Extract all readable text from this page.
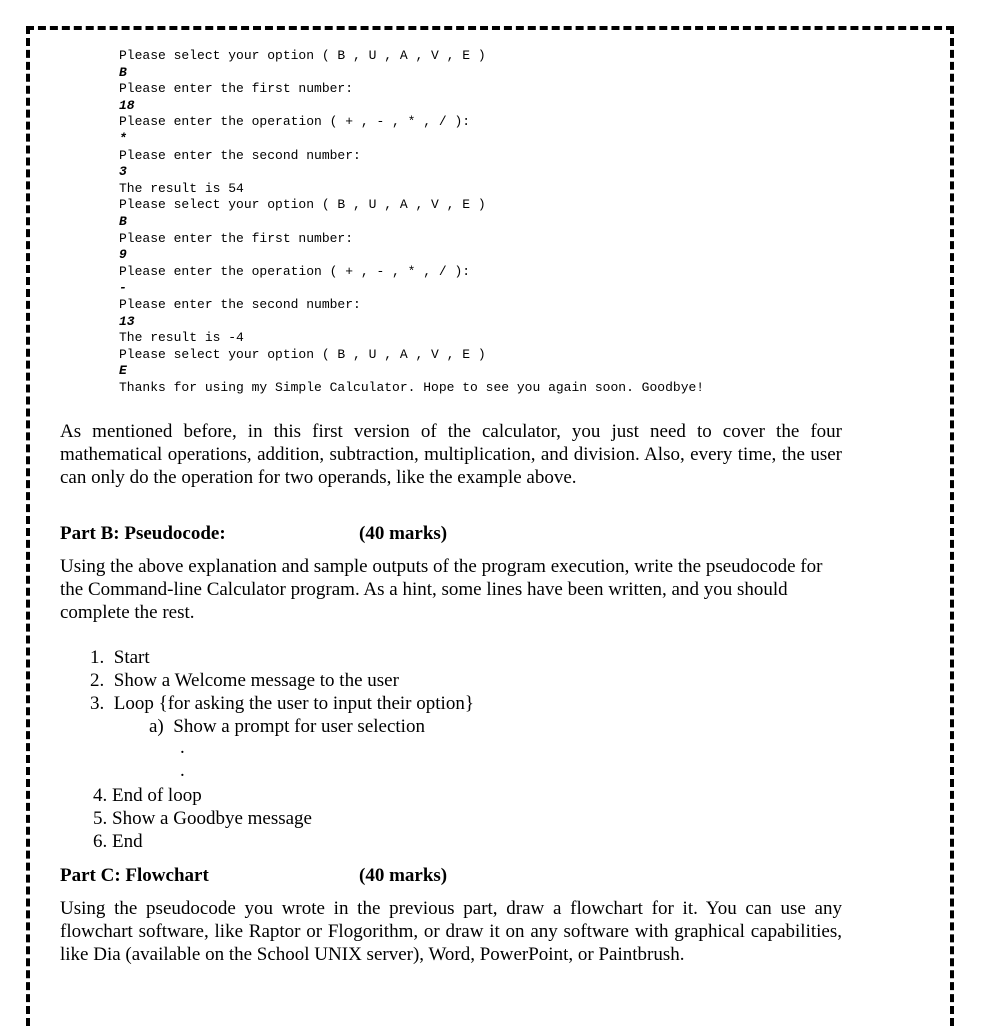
Please select your option ( B , U , A , V , E )
B
Please enter the first number:
18
Please enter the operation ( + , - , * , / ):
*
Please enter the second number:
3
The result is 54
Please select your option ( B , U , A , V , E )
B
Please enter the first number:
9
Please enter the operation ( + , - , * , / ):
-
Please enter the second number:
13
The result is -4
Please select your option ( B , U , A , V , E )
E
Thanks for using my Simple Calculator. Hope to see you again soon. Goodbye!
As mentioned before, in this first version of the calculator, you just need to cover the four mathematical operations, addition, subtraction, multiplication, and division. Also, every time, the user can only do the operation for two operands, like the example above.
Part B: Pseudocode:	(40 marks)
Using the above explanation and sample outputs of the program execution, write the pseudocode for the Command-line Calculator program. As a hint, some lines have been written, and you should complete the rest.
1.  Start
2.  Show a Welcome message to the user
3.  Loop {for asking the user to input their option}
a)  Show a prompt for user selection
.
.
4. End of loop
5. Show a Goodbye message
6. End
Part C: Flowchart	(40 marks)
Using the pseudocode you wrote in the previous part, draw a flowchart for it. You can use any flowchart software, like Raptor or Flogorithm, or draw it on any software with graphical capabilities, like Dia (available on the School UNIX server), Word, PowerPoint, or Paintbrush.
